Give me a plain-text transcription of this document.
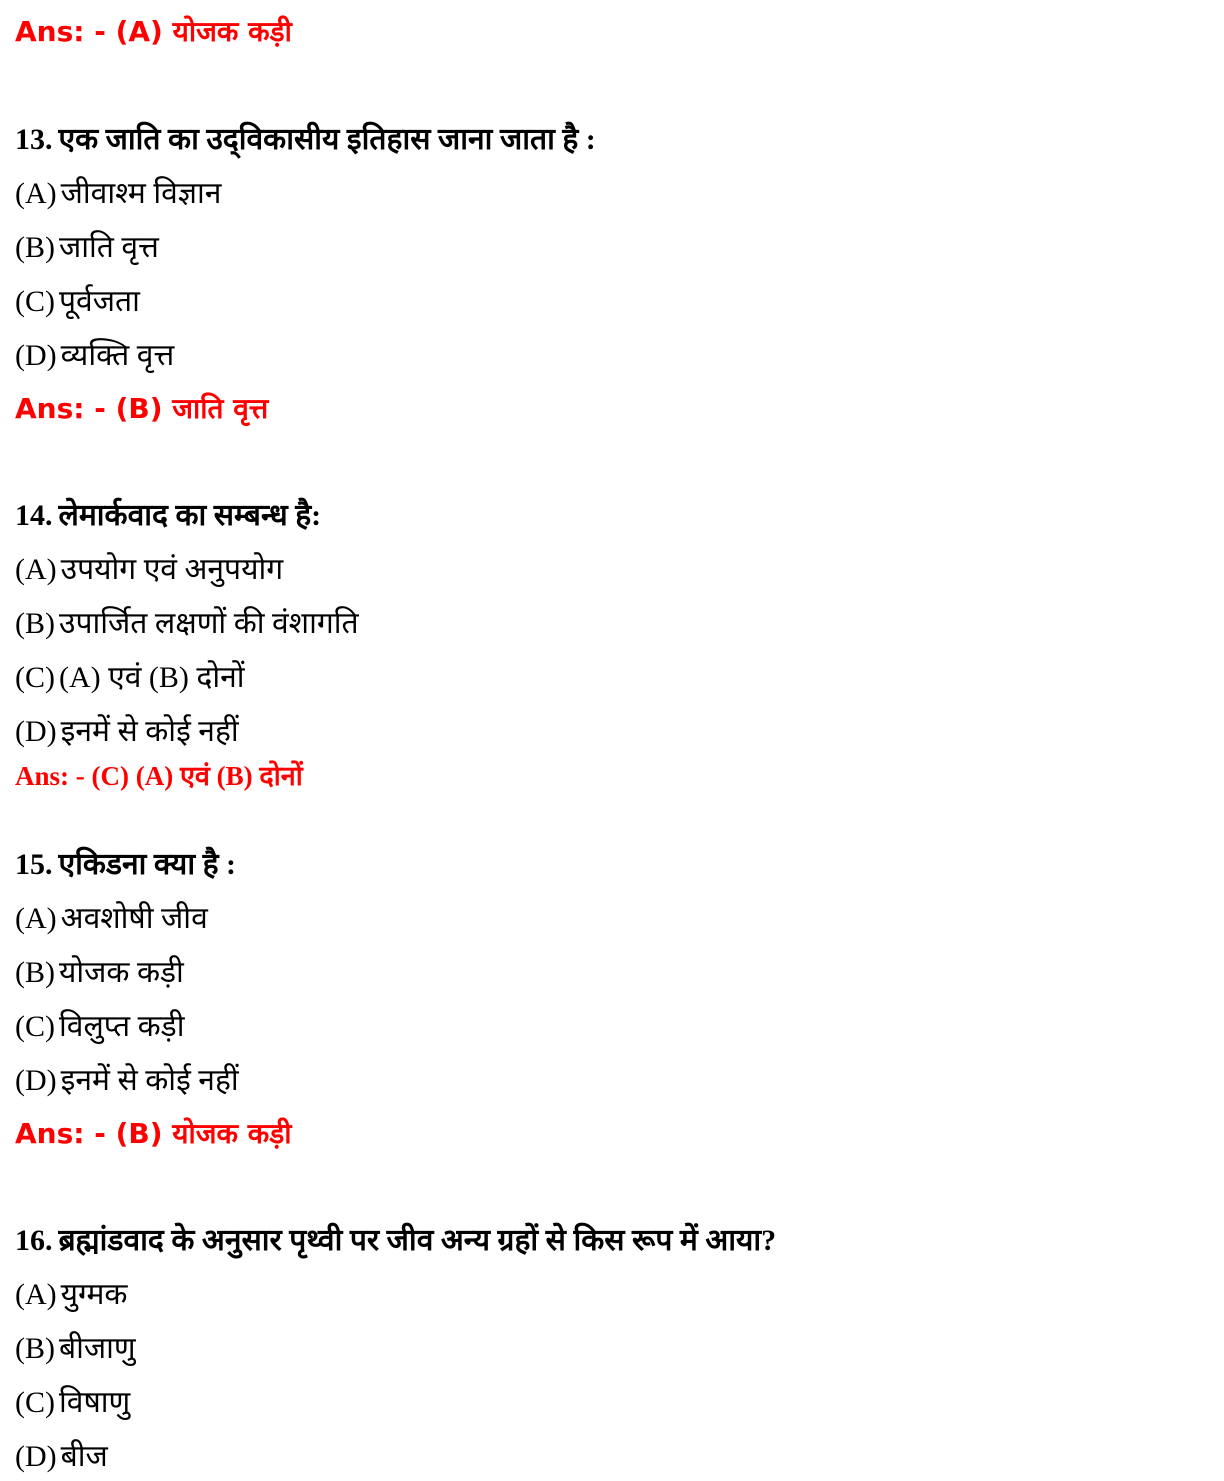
Ans: - (A) योजक कड़ी
13. एक जाति का उद्‌विकासीय इतिहास जाना जाता है :
(A) जीवाश्म विज्ञान
(B) जाति वृत्त
(C) पूर्वजता
(D) व्यक्ति वृत्त
Ans: - (B) जाति वृत्त
14. लेमार्कवाद का सम्बन्ध है:
(A) उपयोग एवं अनुपयोग
(B) उपार्जित लक्षणों की वंशागति
(C) (A) एवं (B) दोनों
(D) इनमें से कोई नहीं
Ans: - (C) (A) एवं (B) दोनों
15. एकिडना क्या है :
(A) अवशोषी जीव
(B) योजक कड़ी
(C) विलुप्त कड़ी
(D) इनमें से कोई नहीं
Ans: - (B) योजक कड़ी
16. ब्रह्मांडवाद के अनुसार पृथ्वी पर जीव अन्य ग्रहों से किस रूप में आया?
(A) युग्मक
(B) बीजाणु
(C) विषाणु
(D) बीज
